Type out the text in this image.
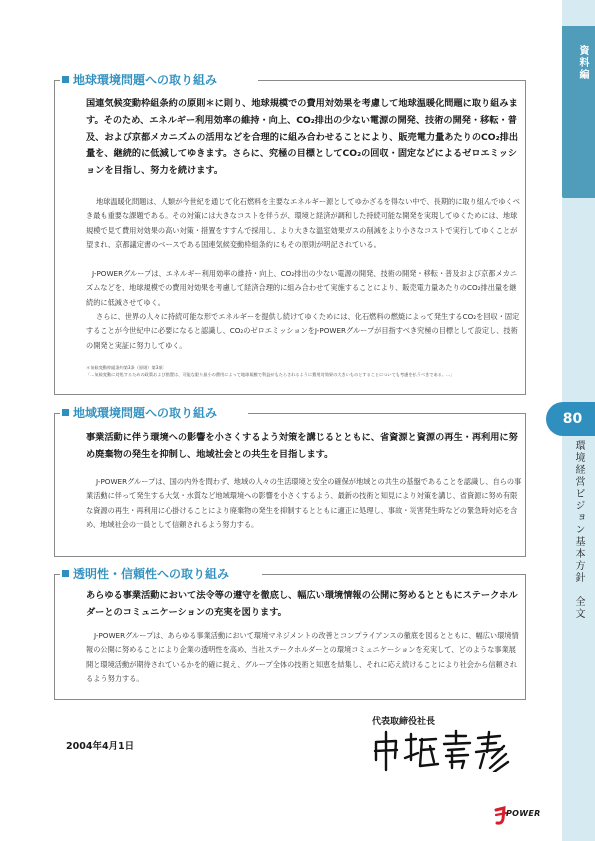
資料編
80
環境経営ビジョン基本方針　全文
地球環境問題への取り組み
国連気候変動枠組条約の原則＊に則り、地球規模での費用対効果を考慮して地球温暖化問題に取り組みます。そのため、エネルギー利用効率の維持・向上、CO₂排出の少ない電源の開発、技術の開発・移転・普及、および京都メカニズムの活用などを合理的に組み合わせることにより、販売電力量あたりのCO₂排出量を、継続的に低減してゆきます。さらに、究極の目標としてCO₂の回収・固定などによるゼロエミッションを目指し、努力を続けます。
地球温暖化問題は、人類が今世紀を通じて化石燃料を主要なエネルギー源としてゆかざるを得ない中で、長期的に取り組んでゆくべき最も重要な課題である。その対策には大きなコストを伴うが、環境と経済が調和した持続可能な開発を実現してゆくためには、地球規模で見て費用対効果の高い対策・措置をすすんで採用し、より大きな温室効果ガスの削減をより小さなコストで実行してゆくことが望まれ、京都議定書のベースである国連気候変動枠組条約にもその原則が明記されている。
J-POWERグループは、エネルギー利用効率の維持・向上、CO₂排出の少ない電源の開発、技術の開発・移転・普及および京都メカニズムなどを、地球規模での費用対効果を考慮して経済合理的に組み合わせて実施することにより、販売電力量あたりのCO₂排出量を継続的に低減させてゆく。
さらに、世界の人々に持続可能な形でエネルギーを提供し続けてゆくためには、化石燃料の燃焼によって発生するCO₂を回収・固定することが今世紀中に必要になると認識し、CO₂のゼロエミッションをJ-POWERグループが目指すべき究極の目標として設定し、技術の開発と実証に努力してゆく。
＊気候変動枠組条約第3条（原則）第3項：
「…気候変動に対処するための政策および措置は、可能な限り最小の費用によって地球規模で利益がもたらされるように費用対効果の大きいものとすることについても考慮を払うべきである。…」
地域環境問題への取り組み
事業活動に伴う環境への影響を小さくするよう対策を講じるとともに、省資源と資源の再生・再利用に努め廃棄物の発生を抑制し、地域社会との共生を目指します。
J-POWERグループは、国の内外を問わず、地域の人々の生活環境と安全の確保が地域との共生の基盤であることを認識し、自らの事業活動に伴って発生する大気・水質など地域環境への影響を小さくするよう、最新の技術と知見により対策を講じ、省資源に努め有限な資源の再生・再利用に心掛けることにより廃棄物の発生を抑制するとともに適正に処理し、事故・災害発生時などの緊急時対応を含め、地域社会の一員として信頼されるよう努力する。
透明性・信頼性への取り組み
あらゆる事業活動において法令等の遵守を徹底し、幅広い環境情報の公開に努めるとともにステークホルダーとのコミュニケーションの充実を図ります。
J-POWERグループは、あらゆる事業活動において環境マネジメントの改善とコンプライアンスの徹底を図るとともに、幅広い環境情報の公開に努めることにより企業の透明性を高め、当社ステークホルダーとの環境コミュニケーションを充実して、どのような事業展開と環境活動が期待されているかを的確に捉え、グループ全体の技術と知恵を結集し、それに応え続けることにより社会から信頼されるよう努力する。
2004年4月1日
代表取締役社長
POWER
